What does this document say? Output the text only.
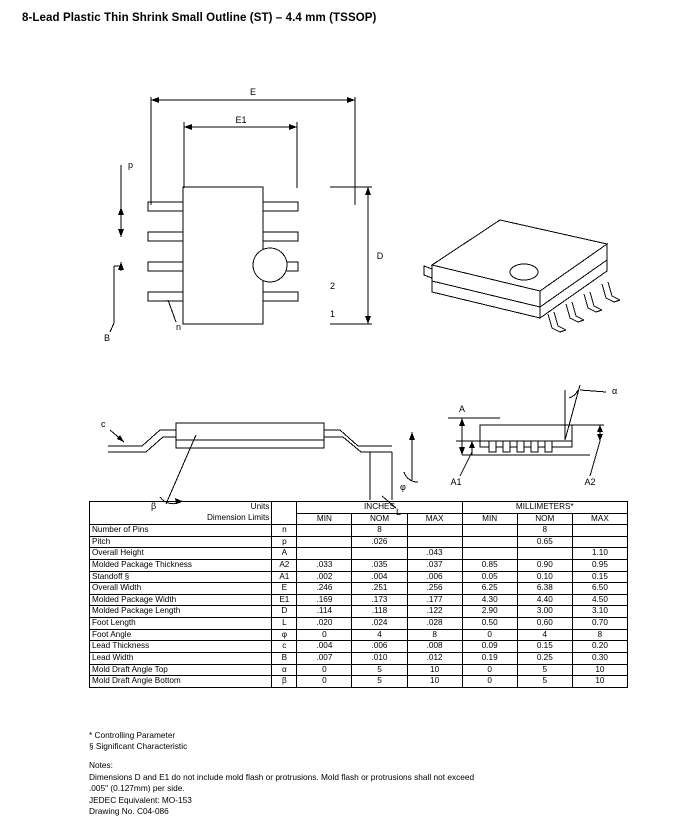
8-Lead Plastic Thin Shrink Small Outline (ST) – 4.4 mm (TSSOP)
E
E1
D
p
B
n
2
1
c
β
φ
L
A
A1	A2
α
Units		INCHES			MILLIMETERS*		
Dimension Limits		MIN	NOM	MAX	MIN	NOM	MAX
Number of Pins	n		8			8	
Pitch	p		.026			0.65	
Overall Height	A			.043			1.10
Molded Package Thickness	A2	.033	.035	.037	0.85	0.90	0.95
Standoff §	A1	.002	.004	.006	0.05	0.10	0.15
Overall Width	E	.246	.251	.256	6.25	6.38	6.50
Molded Package Width	E1	.169	.173	.177	4.30	4.40	4.50
Molded Package Length	D	.114	.118	.122	2.90	3.00	3.10
Foot Length	L	.020	.024	.028	0.50	0.60	0.70
Foot Angle	φ	0	4	8	0	4	8
Lead Thickness	c	.004	.006	.008	0.09	0.15	0.20
Lead Width	B	.007	.010	.012	0.19	0.25	0.30
Mold Draft Angle Top	α	0	5	10	0	5	10
Mold Draft Angle Bottom	β	0	5	10	0	5	10
* Controlling Parameter
§ Significant Characteristic
Notes:
Dimensions D and E1 do not include mold flash or protrusions. Mold flash or protrusions shall not exceed
.005" (0.127mm) per side.
JEDEC Equivalent: MO-153
Drawing No. C04-086
